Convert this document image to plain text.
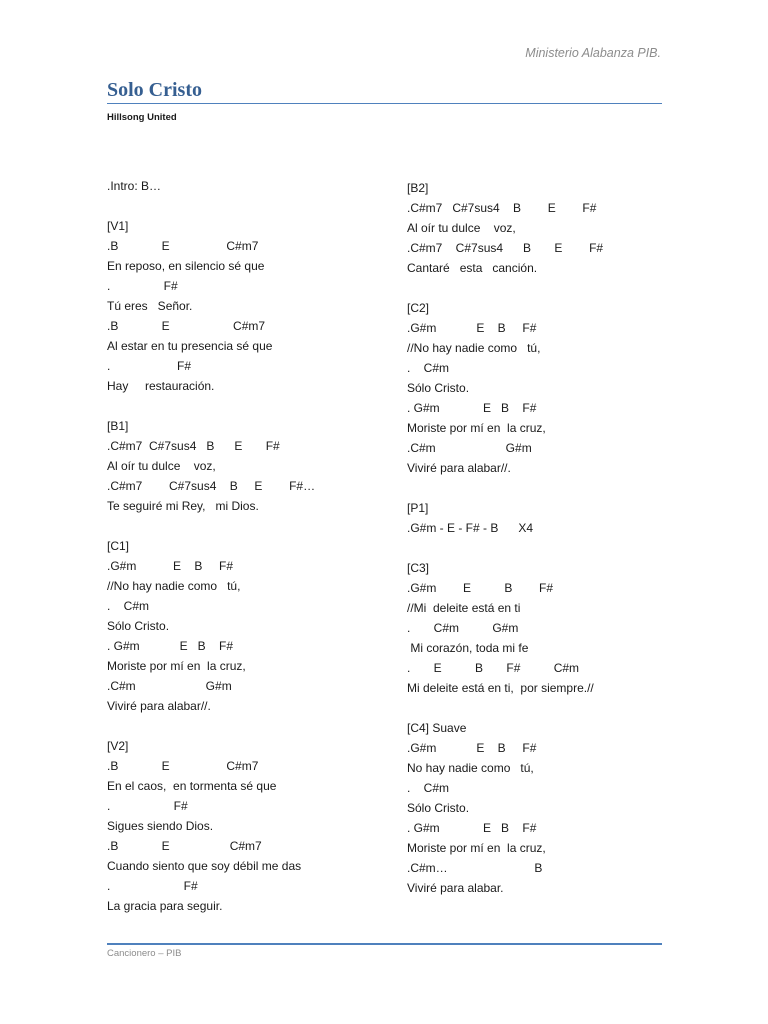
Ministerio Alabanza PIB.
Solo Cristo
Hillsong United
.Intro: B…
[V1]
.B             E                 C#m7
En reposo, en silencio sé que
.                F#
Tú eres   Señor.
.B             E                   C#m7
Al estar en tu presencia sé que
.                    F#
Hay     restauración.
[B1]
.C#m7  C#7sus4   B      E       F#
Al oír tu dulce    voz,
.C#m7        C#7sus4    B     E        F#…
Te seguiré mi Rey,   mi Dios.
[C1]
.G#m           E    B     F#
//No hay nadie como   tú,
.    C#m
Sólo Cristo.
. G#m            E   B    F#
Moriste por mí en  la cruz,
.C#m                     G#m
Viviré para alabar//.
[V2]
.B             E                 C#m7
En el caos,  en tormenta sé que
.                   F#
Sigues siendo Dios.
.B             E                  C#m7
Cuando siento que soy débil me das
.                      F#
La gracia para seguir.
[B2]
.C#m7   C#7sus4    B        E        F#
Al oír tu dulce    voz,
.C#m7    C#7sus4      B       E        F#
Cantaré   esta   canción.
[C2]
.G#m            E    B     F#
//No hay nadie como   tú,
.    C#m
Sólo Cristo.
. G#m             E   B    F#
Moriste por mí en  la cruz,
.C#m                     G#m
Viviré para alabar//.
[P1]
.G#m - E - F# - B      X4
[C3]
.G#m        E          B        F#
//Mi  deleite está en ti
.       C#m          G#m
Mi corazón, toda mi fe
.       E          B       F#          C#m
Mi deleite está en ti,  por siempre.//
[C4] Suave
.G#m            E    B     F#
No hay nadie como   tú,
.    C#m
Sólo Cristo.
. G#m             E   B    F#
Moriste por mí en  la cruz,
.C#m…                          B
Viviré para alabar.
Cancionero – PIB
